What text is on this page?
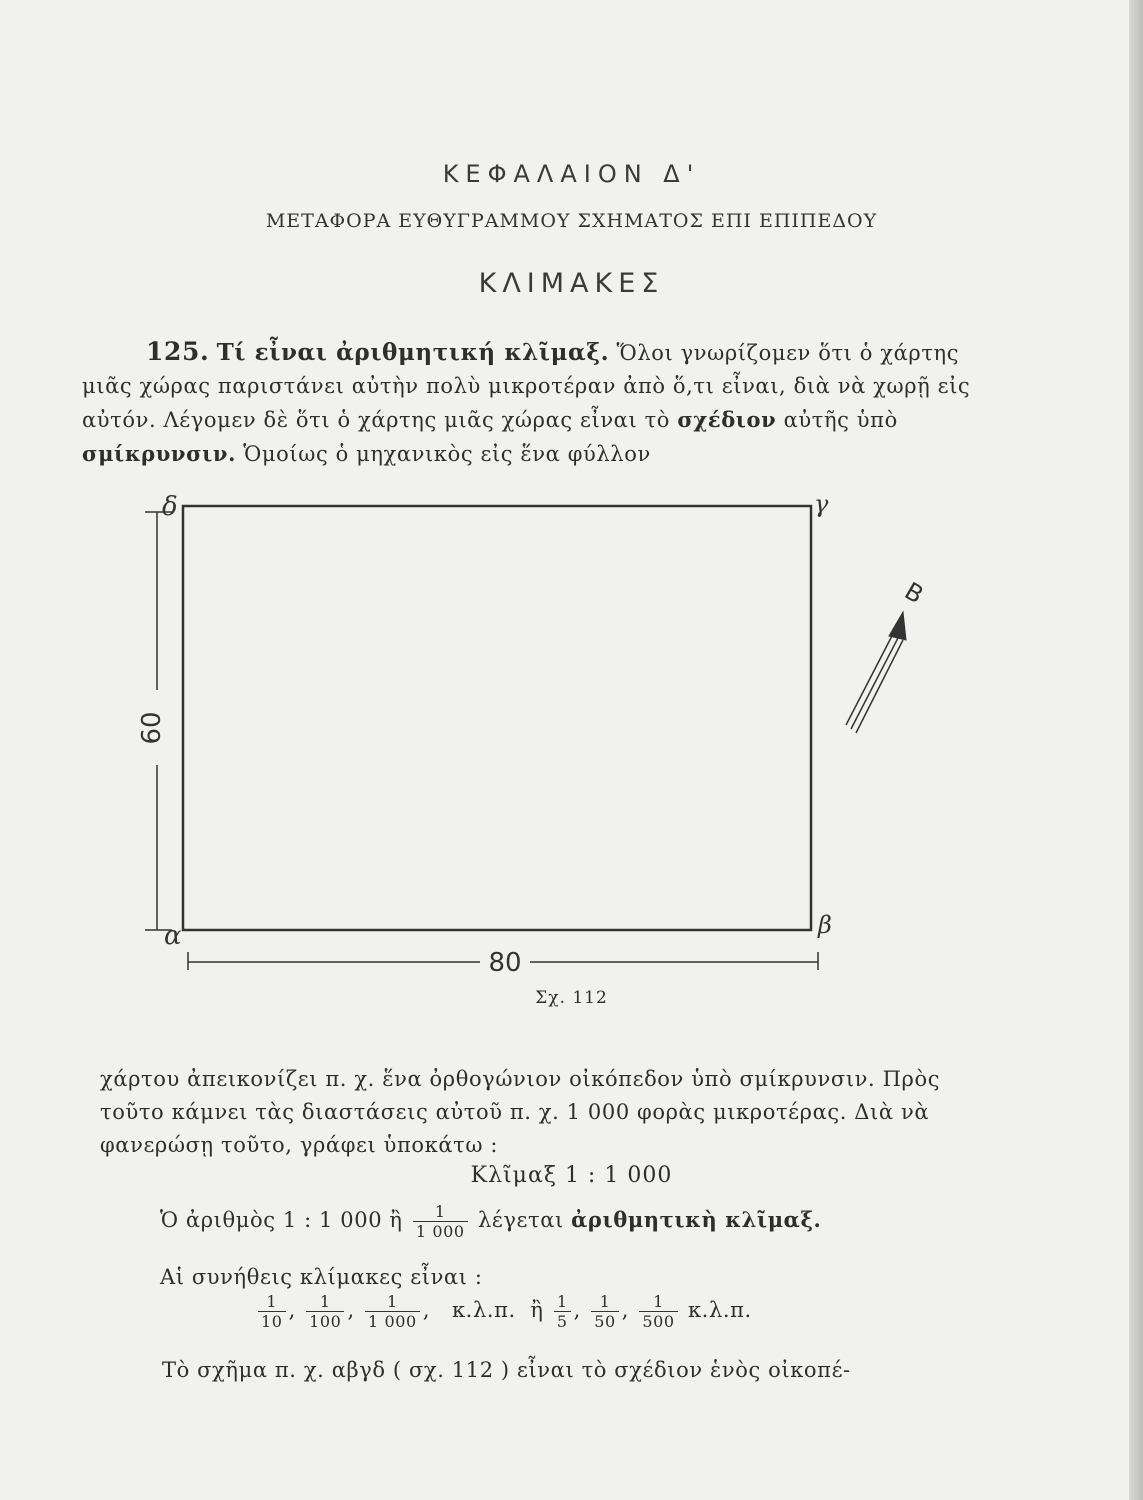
ΚΕΦΑΛΑΙΟΝ Δ'
ΜΕΤΑΦΟΡΑ ΕΥΘΥΓΡΑΜΜΟΥ ΣΧΗΜΑΤΟΣ ΕΠΙ ΕΠΙΠΕΔΟΥ
ΚΛΙΜΑΚΕΣ
125. Τί εἶναι ἀριθμητική κλῖμαξ. Ὅλοι γνωρίζομεν ὅτι ὁ χάρτης μιᾶς χώρας παριστάνει αὐτὴν πολὺ μικροτέραν ἀπὸ ὅ,τι εἶναι, διὰ νὰ χωρῇ εἰς αὐτόν. Λέγομεν δὲ ὅτι ὁ χάρτης μιᾶς χώρας εἶναι τὸ σχέδιον αὐτῆς ὑπὸ σμίκρυνσιν. Ὁμοίως ὁ μηχανικὸς εἰς ἕνα φύλλον
δ	γ
α	β
60
80
Β
Σχ. 112
χάρτου ἀπεικονίζει π. χ. ἕνα ὀρθογώνιον οἰκόπεδον ὑπὸ σμίκρυνσιν. Πρὸς τοῦτο κάμνει τὰς διαστάσεις αὐτοῦ π. χ. 1 000 φορὰς μικροτέρας. Διὰ νὰ φανερώσῃ τοῦτο, γράφει ὑποκάτω :
Κλῖμαξ 1 : 1 000
Ὁ ἀριθμὸς 1 : 1 000 ἢ $\frac{1}{1 000}$ λέγεται ἀριθμητικὴ κλῖμαξ.
Αἱ συνήθεις κλίμακες εἶναι :
$\frac{1}{10}$ , $\frac{1}{100}$ , $\frac{1}{1 000}$ , κ.λ.π. ἢ $\frac{1}{5}$ , $\frac{1}{50}$ , $\frac{1}{500} \kappa.\lambda.\pi$.
Τὸ σχῆμα π. χ. αβγδ ( σχ. 112 ) εἶναι τὸ σχέδιον ἑνὸς οἰκοπέ-
